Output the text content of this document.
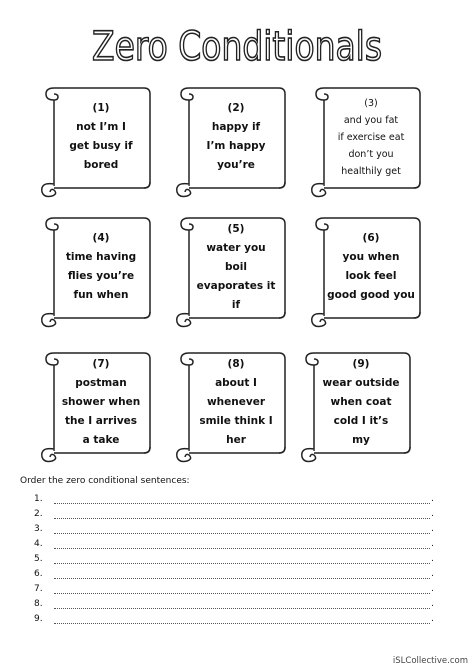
Zero Conditionals
(1)
not I’m I
get busy if
bored
(2)
happy if
I’m happy
you’re
(3)
and you fat
if exercise eat
don’t you
healthily get
(4)
time having
flies you’re
fun when
(5)
water you
boil
evaporates it
if
(6)
you when
look feel
good good you
(7)
postman
shower when
the I arrives
a take
(8)
about I
whenever
smile think I
her
(9)
wear outside
when coat
cold I it’s
my
Order the zero conditional sentences:
1.	.
2.	.
3.	.
4.	.
5.	.
6.	.
7.	.
8.	.
9.	.
iSLCollective.com
